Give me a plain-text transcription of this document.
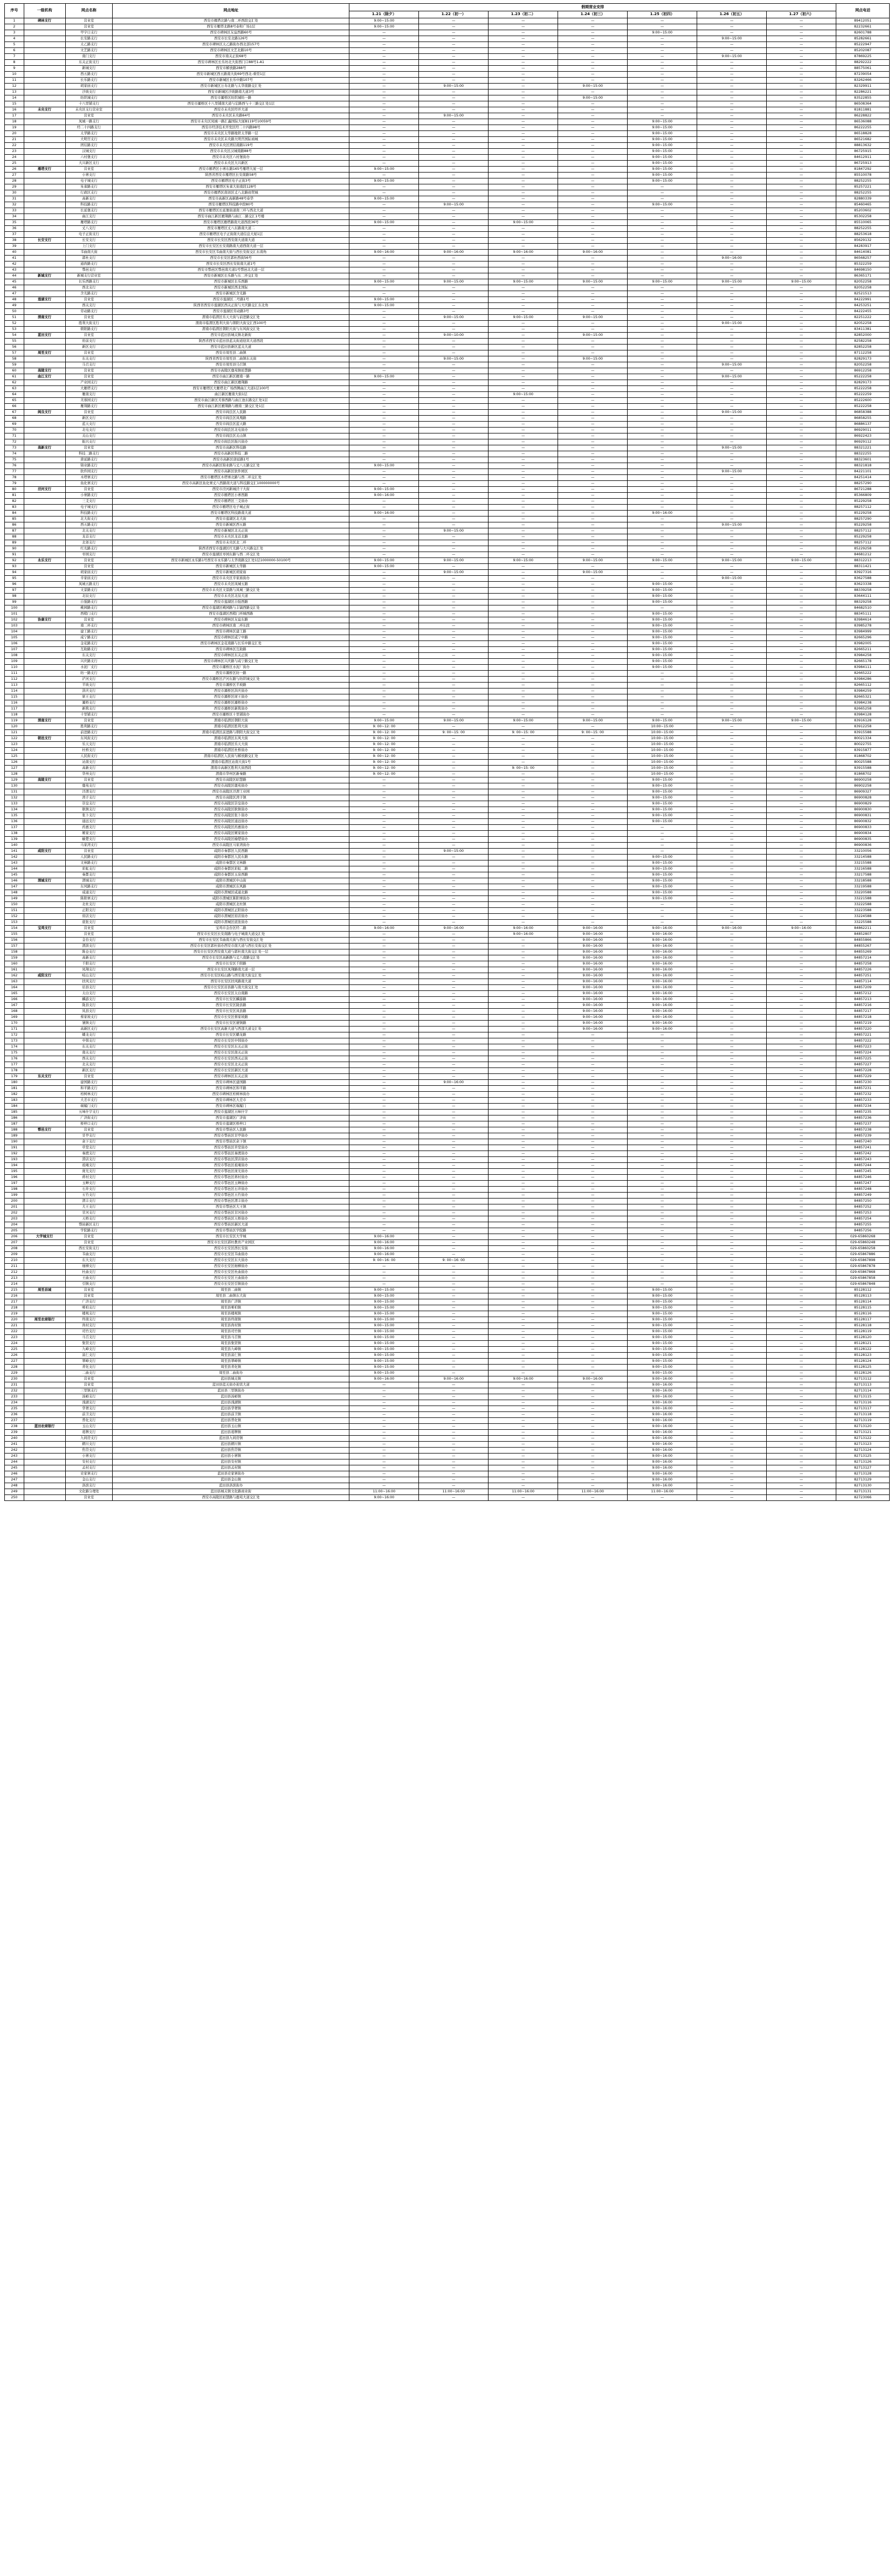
序号	一级机构	网点名称	网点地址	假期营业安排							网点电话
				1.21（除夕）	1.22（初一）	1.23（初二）	1.24（初三）	1.25（初四）	1.26（初五）	1.27（初六）	
1	碑林支行	营业室	西安市雁塔北路与南二环西段交汇处	9:00~15:00	—	—	—	—	—	—	89412051
2		营业室	西安市雁塔北路8号泰和广场1层	9:00~15:00	—	—	—	—	—	—	82232661
3		甲字口支行	西安市碑林区友谊西路60号	—	—	—	—	9:00~15:00	—	—	82601788
4		长安路支行	西安市长安北路126号	—	—	—	—	—	9:00~15:00	—	85282661
5		太乙路支行	西安市碑林区太乙路街办西北部157号	—	—	—	—	—	—	—	85222947
6		文艺路支行	西安市碑林区文艺北路10号	—	—	—	—	—	—	—	85202087
7		南门支行	西安市南关正街68号	—	—	—	—	—	9:00~15:00	—	87869225
8		东关正街支行	西安市碑林区长乐坊北大街西门口88号1-A1	—	—	—	—	—	—	—	88292222
9		新城支行	西安市解放路288号	—	—	—	—	—	—	—	88575061
10		西五路支行	西安市新城区西五路南大街69号西北-重型1层	—	—	—	—	—	—	—	87239054
11		长乐路支行	西安市新城区长乐中路107号	—	—	—	—	—	—	—	83262466
12		胡家庙支行	西安市新城区万寿北路与太华南路交汇处	—	9:00~15:00	—	9:00~15:00	—	—	—	82329911
13		沙坡支行	西安市新城区沙坡路南大道3号	—	—	—	—	—	—	—	82286221
14		纺织城支行	西安市灞桥区纺织城纺一路	—	—	—	9:00~15:00	—	—	—	83522855
15		十八里铺支行	西安市灞桥区十八里铺南大道与宏路西与十三路交汇处1层	—	—	—	—	—	—	—	86508364
16	未央支行	未央区支行营业室	西安市未央区经开大道	—	—	—	—	—	—	—	81811881
17		营业室	西安市未央区未央路64号	—	9:00~15:00	—	—	—	—	—	86228822
18		凤城一路支行	西安市未央区凤城一路汇鑫国际大厦B119号10059号	—	—	—	—	9:00~15:00	—	—	86536088
19		经二十四路支行	西安市经济技术开发区经二十四路98号	—	—	—	—	9:00~15:00	—	—	86222255
20		太华路支行	西安市未央区太华路地铁太华路一层	—	—	—	—	9:00~15:00	—	—	86518828
21		大明宫支行	西安市未央区未央路大明宫国际商城	—	—	—	—	9:00~15:00	—	—	86521682
22		团结路支行	西安市未央区团结南路119号	—	—	—	—	9:00~15:00	—	—	88813632
23		汉城支行	西安市未央区汉城南路88号	—	—	—	—	9:00~15:00	—	—	86725915
24		六村堡支行	西安市未央区六村堡街办	—	—	—	—	9:00~15:00	—	—	84612911
25		大兴新区支行	西安市未央区大兴新区	—	—	—	—	9:00~15:00	—	—	86725913
26	雁塔支行	营业室	西安市雁塔区小寨东路165号雁塔大厦一层	9:00~15:00	—	—	—	9:00~15:00	—	—	81847292
27		小寨支行	陕西省西安市雁塔区长安南路58号	—	—	—	—	9:00~15:00	—	—	85510078
28		电子城支行	西安市雁塔区电子正街3号	9:00~15:00	—	—	—	9:00~15:00	—	—	88252255
29		朱雀路支行	西安市雁塔区朱雀大街南段128号	—	—	—	—	—	—	—	85257221
30		行政区支行	西安市雁塔区南郊区丈八北路商贸城	—	—	—	—	—	—	—	88252255
31		高新支行	西安市高新区高新路48号泰华	9:00~15:00	—	—	—	—	—	—	82880339
32		科技路支行	西安市雁塔区科技路中段80号	—	9:00~15:00	—	—	9:00~15:00	—	—	85460465
33		长延堡支行	西安市雁塔区长延堡街道南三环与西北大道	—	—	—	—	—	—	—	85203602
34		曲江支行	西安市曲江新区雁翔路与曲江二路交汇1号楼	—	—	—	—	—	—	—	85302258
35		雁塔路支行	西安市雁塔区雁塔路南大道西段36号	9:00~15:00	—	9:00~15:00	—	—	—	—	85510065
36		丈八支行	西安市雁塔区丈八东路南大道二	—	—	—	—	—	—	—	88252255
37		电子正街支行	西安市雁塔区电子正街南大道信息大厦1层	—	—	—	—	—	—	—	88253618
38	长安支行	长安支行	西安市长安区西安南大道南大道	—	—	—	—	—	—	—	85629132
39		上门支行	西安市长安区长安南路南大道西南大道一层	—	—	—	—	—	—	—	84283917
40		韦曲南大街	西安市长安区韦曲南大街与西长安街交汇东南角	9:00~16:00	9:00~16:00	9:00~16:00	9:00~16:00	—	—	—	84614081
41		郭杜支行	西安市长安区郭杜西街56号	—	—	—	—	—	9:00~16:00	—	86568257
42		通尚路支行	西安市长安区西长安街南大道1号	—	—	—	—	—	—	—	85322259
43		鄠邑支行	西安市鄠邑区鄠邑南大道1号鄠邑北大道一层	—	—	—	—	—	—	—	84698150
44	新城支行	新城支行营业室	西安市新城区长乐路与东二环交汇处	—	—	—	—	—	—	—	86365171
45		长乐西路支行	西安市新城区长乐西路	9:00~15:00	9:00~15:00	9:00~15:00	9:00~15:00	9:00~15:00	9:00~15:00	9:00~15:00	82052258
46		西北支行	西安市新城区西北国际	—	—	—	—	—	—	—	82052258
47		含光路支行	西安市新城区含光路	—	—	—	—	—	—	—	82521513
48	莲湖支行	营业室	西安市莲湖区二号路1号	9:00~15:00	—	—	—	—	—	—	84222991
49		西关支行	陕西省西安市莲湖区西关正街与大庆路交汇东北角	9:00~15:00	—	—	—	—	—	—	84253251
50		劳动路支行	西安市莲湖区劳动路3号	—	—	—	—	—	—	—	84222455
51	渭南支行	营业室	渭南市临渭区乐天大街与前进路交汇处	—	9:00~15:00	9:00~15:00	9:00~15:00	—	—	—	82251222
52		胜利大街支行	渭南市临渭区胜利大街与朝阳大街交汇西100号	—	—	—	—	—	9:00~15:00	—	82052258
53		朝阳路支行	渭南市临渭区朝阳大街与东风街交汇处	—	—	—	—	—	—	—	83411381
54	蓝田支行	营业室	西安市蓝田县城关镇北新街	—	9:00~10:00	—	9:00~15:00	—	—	—	82852000
55		府前支行	陕西省西安市蓝田县蓝关街道迎宾大道西段	—	—	—	—	—	—	—	82582258
56		新区支行	西安市蓝田县新区蓝关大道	—	—	—	—	—	—	—	82852258
57	周至支行	营业室	西安市周至县二曲镇	—	—	—	—	—	—	—	87112258
58		东关支行	陕西省西安市周至县二曲镇东关街	—	9:00~15:00	—	9:00~15:00	—	—	—	82829173
59		马召支行	西安市周至县马召镇	—	—	—	—	—	9:00~15:00	—	82052258
60	高陵支行	营业室	西安市高陵区鹿苑镇昭慧路	—	—	—	—	—	—	—	86912258
61	曲江支行	营业室	西安市曲江新区雁南一路	9:00~15:00	—	—	—	—	9:00~15:00	—	85222258
62		产业园支行	西安市曲江新区雁翔路	—	—	—	—	—	—	—	82829173
63		大雁塔支行	西安市雁塔区大雁塔北广场西侧曲江大道1层100号	—	—	—	—	—	—	—	85222258
64		雁南支行	曲江新区雁南大街1层	—	—	9:00~15:00	—	—	—	—	85222259
65		芙蓉园支行	西安市曲江新区芙蓉西路与曲江池东路交汇处1层	—	—	—	—	—	—	—	85222600
66		雁翔路支行	西安市曲江新区雁翔路与雁南三路交汇处1层	—	—	—	—	—	—	—	85222258
67	阎良支行	营业室	西安市阎良区人民路	—	—	—	—	—	9:00~15:00	—	86858388
68		新区支行	西安市阎良区凤凰路	—	—	—	—	—	—	—	86858255
69		蓝天支行	西安市阎良区蓝天路	—	—	—	—	—	—	—	86886137
70		北屯支行	西安市阎良区北屯街办	—	—	—	—	—	—	—	86929011
71		关山支行	西安市阎良区关山镇	—	—	—	—	—	—	—	86922423
72		振兴支行	西安市阎良区振兴街办	—	—	—	—	—	—	—	86929112
73	高新支行	营业室	西安市高新区科技路	—	—	—	—	—	9:00~15:00	—	88321221
74		科技二路支行	西安市高新区科技二路	—	—	—	—	—	—	—	88322255
75		唐延路支行	西安市高新区唐延路1号	—	—	—	—	—	—	—	88323601
76		锦业路支行	西安市高新区锦业路与丈八五路交汇处	9:00~15:00	—	—	—	—	—	—	88321818
77		软件园支行	西安市高新区软件园区	—	—	—	—	—	9:00~15:00	—	84221101
78		木塔寨支行	西安市雁塔区木塔寨北路与西二环交汇处	—	—	—	—	—	—	—	84251414
79		鱼化寨支行	西安市高新区鱼化寨丈八西路南大道与科技路交汇100000000号	—	—	—	—	—	—	—	88257290
80	泾河支行	营业室	西安市泾河新城泾干大街	9:00~15:00	—	—	—	—	—	—	86721288
81		小寨路支行	西安市雁塔区小寨西路	9:00~16:00	—	—	—	—	—	—	85366809
82		三爻支行	西安市雁塔区三爻街办	—	—	—	—	—	—	—	85229258
83		电子城支行	西安市雁塔区电子城正街	—	—	—	—	—	—	—	88257112
84		科技路支行	西安市雁塔区科技路南大道	9:00~16:00	—	—	—	9:00~16:00	—	—	85229258
85		北大街支行	西安市莲湖区北大街	—	—	—	—	—	—	—	88257290
86		西五路支行	西安市新城区西五路	—	—	—	—	—	9:00~15:00	—	85229258
87		北关支行	西安市新城区北关正街	—	9:00~15:00	—	—	—	—	—	88257112
88		龙首支行	西安市未央区龙首北路	—	—	—	—	—	—	—	85229258
89		北郊支行	西安市未央区北二环	—	—	—	—	—	—	—	88257112
90		红光路支行	陕西省西安市莲湖区红光路与大兴路交汇处	—	—	—	—	—	—	—	85229258
91		枣园支行	西安市莲湖区枣园东路与西二环交汇处	—	—	—	—	—	—	—	84681212
92	永乐支行	营业室	西安市新城区永乐路1号西安市永乐路与太华南路交汇处1层1000000-50100号	9:00~15:00	9:00~15:00	9:00~15:00	9:00~15:00	9:00~15:00	9:00~15:00	9:00~15:00	88312213
93		营业室	西安市新城区太华路	9:00~15:00	—	—	—	—	—	—	88311421
94		胡家庙支行	西安市新城区胡家庙	—	9:00~15:00	—	9:00~15:00	—	—	—	83927316
95		辛家庙支行	西安市未央区辛家庙街办	—	—	—	—	—	9:00~15:00	—	83627588
96		凤城五路支行	西安市未央区凤城五路	—	—	—	—	9:00~15:00	—	—	83623338
97		文景路支行	西安市未央区文景路与凤城三路交汇处	—	—	—	—	9:00~15:00	—	—	88339258
98		北辰支行	西安市未央区北辰大道	—	—	—	—	9:00~15:00	—	—	83644111
99		自强路支行	西安市莲湖区自强西路	—	—	—	—	9:00~15:00	—	—	88329258
100		桃园路支行	西安市莲湖区桃园路与丰镐西路交汇处	—	—	—	—	—	—	—	84682510
101		西稍门支行	西安市莲湖区西稍门环城西路	—	—	—	—	9:00~15:00	—	—	88345111
102	协康支行	营业室	西安市碑林区友谊东路	—	—	—	—	9:00~15:00	—	—	83984614
103		南二环支行	西安市碑林区南二环东段	—	—	—	—	9:00~15:00	—	—	83985278
104		建工路支行	西安市碑林区建工路	—	—	—	—	9:00~15:00	—	—	83984999
105		咸宁路支行	西安市碑林区咸宁中路	—	—	—	—	9:00~15:00	—	—	82665296
106		金花路支行	西安市碑林区金花南路与长乐中路交汇处	—	—	—	—	9:00~15:00	—	—	83982005
107		互助路支行	西安市碑林区互助路	—	—	—	—	9:00~15:00	—	—	82665211
108		东关支行	西安市碑林区东关正街	—	—	—	—	9:00~15:00	—	—	83984258
109		兴庆路支行	西安市碑林区兴庆路与咸宁路交汇处	—	—	—	—	9:00~15:00	—	—	82665178
110		水泥厂支行	西安市灞桥区水泥厂街办	—	—	—	—	9:00~15:00	—	—	83984111
111		纺一路支行	西安市灞桥区纺一路	—	—	—	—	—	—	—	82665222
112		浐河支行	西安市灞桥区浐河东路与纺织城交汇处	—	—	—	—	—	—	—	83984286
113		半坡支行	西安市灞桥区半坡路	—	—	—	—	—	—	—	82665112
114		洪庆支行	西安市灞桥区洪庆街办	—	—	—	—	—	—	—	83984259
115		席王支行	西安市灞桥区席王街办	—	—	—	—	—	—	—	82665321
116		灞桥支行	西安市灞桥区灞桥街办	—	—	—	—	—	—	—	83984238
117		新筑支行	西安市灞桥区新筑街办	—	—	—	—	—	—	—	82665258
118		十里铺支行	西安市灞桥区十里铺街办	—	—	—	—	—	—	—	83984128
119	渭南支行	营业室	渭南市临渭区朝阳大街	9:00~15:00	9:00~15:00	9:00~15:00	9:00~15:00	9:00~15:00	9:00~15:00	9:00~15:00	83916128
120		胜利路支行	渭南市临渭区胜利大街	9: 00~12: 00	—	—	—	10:00~15:00	—	—	83912258
121		前进路支行	渭南市临渭区前进路与朝阳大街交汇处	9: 00~12: 00	9: 00~15: 00	9: 00~15: 00	9: 00~15: 00	10:00~15:00	—	—	83915588
122	朝邑支行	东风街支行	渭南市临渭区东风大街	9: 00~12: 00	—	—	—	10:00~15:00	—	—	80021334
123		乐天支行	渭南市临渭区乐天大街	9: 00~12: 00	—	—	—	10:00~15:00	—	—	80022755
124		杜桥支行	渭南市临渭区杜桥街办	9: 00~12: 00	—	—	—	10:00~15:00	—	—	83915877
125		人民街支行	渭南市临渭区人民街与解放路交汇处	9: 00~12: 00	—	—	—	10:00~15:00	—	—	81868702
126		站南支行	渭南市临渭区站南大街1号	9: 00~12: 00	—	—	—	10:00~15:00	—	—	80025588
127		高新支行	渭南市高新区胜利大街西段	9: 00~12: 00	—	9: 00~15: 00	—	10:00~15:00	—	—	83915588
128		华州支行	渭南市华州区新秦路	9: 00~12: 00	—	—	—	10:00~15:00	—	—	81868702
129	高陵支行	营业室	西安市高陵区昭慧路	—	—	—	—	9:00~15:00	—	—	86900258
130		鹿苑支行	西安市高陵区鹿苑街办	—	—	—	—	9:00~15:00	—	—	86902258
131		泾渭支行	西安市高陵区泾渭工业园	—	—	—	—	9:00~15:00	—	—	86909327
132		湾子支行	西安市高陵区湾子镇	—	—	—	—	9:00~15:00	—	—	86900828
133		崇皇支行	西安市高陵区崇皇街办	—	—	—	—	9:00~15:00	—	—	86900829
134		耿镇支行	西安市高陵区耿镇街办	—	—	—	—	9:00~15:00	—	—	86900830
135		张卜支行	西安市高陵区张卜街办	—	—	—	—	9:00~15:00	—	—	86900831
136		通远支行	西安市高陵区通远街办	—	—	—	—	9:00~15:00	—	—	86900832
137		药惠支行	西安市高陵区药惠街办	—	—	—	—	—	—	—	86900833
138		姬家支行	西安市高陵区姬家街办	—	—	—	—	—	—	—	86900834
139		榆楚支行	西安市高陵区榆楚街办	—	—	—	—	—	—	—	86900835
140		马家湾支行	西安市高陵区马家湾街办	—	—	—	—	—	—	—	86900836
141	咸阳支行	营业室	咸阳市秦都区人民西路	—	9:00~15:00	—	—	—	—	—	33210056
142		人民路支行	咸阳市秦都区人民东路	—	—	—	—	9:00~15:00	—	—	33214588
143		文林路支行	咸阳市秦都区文林路	—	—	—	—	9:00~15:00	—	—	33215588
144		彩虹支行	咸阳市秦都区彩虹二路	—	—	—	—	9:00~15:00	—	—	33216588
145		秦都支行	咸阳市秦都区玉泉西路	—	—	—	—	9:00~15:00	—	—	33217588
146	渭城支行	渭城支行	咸阳市渭城区中山街	—	—	—	—	9:00~15:00	—	—	33218588
147		东风路支行	咸阳市渭城区东风路	—	—	—	—	9:00~15:00	—	—	33219588
148		咸通支行	咸阳市渭城区咸通北路	—	—	—	—	9:00~15:00	—	—	33220588
149		陈阳寨支行	咸阳市渭城区陈阳寨街办	—	—	—	—	9:00~15:00	—	—	33221588
150		北杜支行	咸阳市渭城区北杜镇	—	—	—	—	—	—	—	33222588
151		正阳支行	咸阳市渭城区正阳街办	—	—	—	—	—	—	—	33223588
152		窑店支行	咸阳市渭城区窑店街办	—	—	—	—	—	—	—	33224588
153		底张支行	咸阳市渭城区底张街办	—	—	—	—	—	—	—	33225588
154	宝鸡支行	营业室	宝鸡市金台区经二路	9:00~16:00	9:00~16:00	9:00~16:00	9:00~16:00	9:00~16:00	9:00~16:00	9:00~16:00	84862211
155		营业室	西安市长安区长安南路与电子城南大道交汇处	—	—	9:00~16:00	9:00~16:00	9:00~16:00	—	—	84852807
156		金台支行	西安市长安区韦曲南大街与西长安街交汇处	—	—	—	9:00~16:00	9:00~16:00	—	—	84855866
157		渭滨支行	西安市长安区郭杜街办西安市南大道与西长安街交汇处	—	—	—	9:00~16:00	9:00~16:00	—	—	84855267
158		陈仓支行	西安市长安区西安南大道与郭杜南大街交汇处一层	—	—	—	9:00~16:00	9:00~16:00	—	—	84855269
159		高新支行	西安市长安区高新路与丈八南路交汇处	—	—	—	9:00~16:00	9:00~16:00	—	—	84857214
160		千阳支行	西安市长安区千阳路	—	—	—	9:00~16:00	9:00~16:00	—	—	84857258
161		凤翔支行	西安市长安区凤翔路南大道一层	—	—	—	9:00~16:00	9:00~16:00	—	—	84857226
162	咸阳支行	岐山支行	西安市长安区岐山路与西安南大街交汇处	—	—	—	9:00~16:00	9:00~16:00	—	—	84857251
163		扶风支行	西安市长安区扶风路南大道	—	—	—	9:00~16:00	9:00~16:00	—	—	84857114
164		眉县支行	西安市长安区眉县路与南大街交汇处	—	—	—	9:00~16:00	9:00~16:00	—	—	84857209
165		太白支行	西安市长安区太白南路	—	—	—	9:00~16:00	9:00~16:00	—	—	84857212
166		麟游支行	西安市长安区麟游路	—	—	—	9:00~16:00	9:00~16:00	—	—	84857213
167		陇县支行	西安市长安区陇县路	—	—	—	9:00~16:00	9:00~16:00	—	—	84857216
168		凤县支行	西安市长安区凤县路	—	—	—	9:00~16:00	9:00~16:00	—	—	84857217
169		蔡家坡支行	西安市长安区蔡家坡路	—	—	—	9:00~16:00	9:00~16:00	—	—	84857218
170		虢镇支行	西安市长安区虢镇路	—	—	—	9:00~16:00	9:00~16:00	—	—	84857219
171		高新区支行	西安市长安区高新大道与西部大道交汇处	—	—	—	9:00~16:00	9:00~16:00	—	—	84857220
172		蟠龙支行	西安市长安区蟠龙路	—	—	—	—	—	—	—	84857221
173		中韩支行	西安市长安区中韩街办	—	—	—	—	—	—	—	84857222
174		东关支行	西安市长安区东关正街	—	—	—	—	—	—	—	84857223
175		南关支行	西安市长安区南关正街	—	—	—	—	—	—	—	84857224
176		西关支行	西安市长安区西关正街	—	—	—	—	—	—	—	84857225
177		北关支行	西安市长安区北关正街	—	—	—	—	—	—	—	84857227
178		新区支行	西安市长安区新区大道	—	—	—	—	—	—	—	84857228
179	东关支行	营业室	西安市碑林区东关正街	—	—	—	—	—	—	—	84857229
180		建国路支行	西安市碑林区建国路	—	9:00~16:00	—	—	—	—	—	84857230
181		和平路支行	西安市碑林区和平路	—	—	—	—	—	—	—	84857231
182		柏树林支行	西安市碑林区柏树林街办	—	—	—	—	—	—	—	84857232
183		大差市支行	西安市碑林区大差市	—	—	—	—	—	—	—	84857233
184		端履门支行	西安市碑林区端履门	—	—	—	—	—	—	—	84857234
185		五味什字支行	西安市莲湖区五味什字	—	—	—	—	—	—	—	84857235
186		广济街支行	西安市莲湖区广济街	—	—	—	—	—	—	—	84857236
187		桥梓口支行	西安市莲湖区桥梓口	—	—	—	—	—	—	—	84857237
188	鄠邑支行	营业室	西安市鄠邑区人民路	—	—	—	—	—	—	—	84857238
189		甘亭支行	西安市鄠邑区甘亭街办	—	—	—	—	—	—	—	84857239
190		余下支行	西安市鄠邑区余下镇	—	—	—	—	—	—	—	84857240
191		草堂支行	西安市鄠邑区草堂街办	—	—	—	—	—	—	—	84857241
192		秦渡支行	西安市鄠邑区秦渡街办	—	—	—	—	—	—	—	84857242
193		涝店支行	西安市鄠邑区涝店街办	—	—	—	—	—	—	—	84857243
194		祖庵支行	西安市鄠邑区祖庵街办	—	—	—	—	—	—	—	84857244
195		庞光支行	西安市鄠邑区庞光街办	—	—	—	—	—	—	—	84857245
196		蒋村支行	西安市鄠邑区蒋村街办	—	—	—	—	—	—	—	84857246
197		玉蝉支行	西安市鄠邑区玉蝉街办	—	—	—	—	—	—	—	84857247
198		石井支行	西安市鄠邑区石井街办	—	—	—	—	—	—	—	84857248
199		五竹支行	西安市鄠邑区五竹街办	—	—	—	—	—	—	—	84857249
200		渭丰支行	西安市鄠邑区渭丰街办	—	—	—	—	—	—	—	84857250
201		大王支行	西安市鄠邑区大王镇	—	—	—	—	—	—	—	84857252
202		甘河支行	西安市鄠邑区甘河街办	—	—	—	—	—	—	—	84857253
203		天桥支行	西安市鄠邑区天桥街办	—	—	—	—	—	—	—	84857254
204		鄠邑新区支行	西安市鄠邑区新区大道	—	—	—	—	—	—	—	84857255
205		学院路支行	西安市鄠邑区学院路	—	—	—	—	—	—	—	84857256
206	大学城支行	营业室	西安市长安区大学城	9:00~16:00	—	—	—	—	—	—	029-65860268
207		营业室	西安市长安区郭杜教育产业园区	9:00~16:00	—	—	—	—	—	—	029-65860248
208		西长安街支行	西安市长安区西长安街	9:00~16:00	—	—	—	—	—	—	029-65860258
209		韦曲支行	西安市长安区韦曲街办	9:00~16:00	—	—	—	—	—	—	029-65867886
210		东大支行	西安市长安区东大街办	9: 00~16: 00	9: 00~16: 00	—	—	—	—	—	029-65867898
211		细柳支行	西安市长安区细柳街办	—	—	—	—	—	—	—	029-65867878
212		杜曲支行	西安市长安区杜曲街办	—	—	—	—	—	—	—	029-65867868
213		王曲支行	西安市长安区王曲街办	—	—	—	—	—	—	—	029-65867858
214		引镇支行	西安市长安区引镇街办	—	—	—	—	—	—	—	029-65867848
215	周至县城	营业室	周至县二曲镇	9:00~15:00	—	—	—	9:00~15:00	—	—	85128112
216		营业室	周至县二曲镇东大街	9:00~15:00	—	—	—	9:00~15:00	—	—	85128113
217		广济支行	周至县广济镇	9:00~15:00	—	—	—	9:00~15:00	—	—	85128114
218		哑柏支行	周至县哑柏镇	9:00~15:00	—	—	—	9:00~15:00	—	—	85128115
219		楼观支行	周至县楼观镇	9:00~15:00	—	—	—	9:00~15:00	—	—	85128116
220	周至农商银行	终南支行	周至县终南镇	9:00~15:00	—	—	—	9:00~15:00	—	—	85128117
221		尚村支行	周至县尚村镇	9:00~15:00	—	—	—	9:00~15:00	—	—	85128118
222		司竹支行	周至县司竹镇	9:00~15:00	—	—	—	9:00~15:00	—	—	85128119
223		马召支行	周至县马召镇	9:00~15:00	—	—	—	9:00~15:00	—	—	85128120
224		集贤支行	周至县集贤镇	9:00~15:00	—	—	—	9:00~15:00	—	—	85128121
225		九峰支行	周至县九峰镇	9:00~15:00	—	—	—	9:00~15:00	—	—	85128122
226		富仁支行	周至县富仁镇	9:00~15:00	—	—	—	9:00~15:00	—	—	85128123
227		翠峰支行	周至县翠峰镇	9:00~15:00	—	—	—	9:00~15:00	—	—	85128124
228		青化支行	周至县青化镇	9:00~15:00	—	—	—	9:00~15:00	—	—	85128125
229		二曲支行	周至县二曲街办	9:00~15:00	—	—	—	9:00~15:00	—	—	85128126
230		营业室	蓝田县城关镇	9:00~16:00	9:00~16:00	9:00~16:00	9:00~16:00	9:00~16:00	—	—	82713112
231		营业室	蓝田县蓝关街办迎宾大道	—	—	—	—	9:00~16:00	—	—	82713113
232		三里镇支行	蓝田县三里镇街办	—	—	—	—	9:00~16:00	—	—	82713114
233		汤峪支行	蓝田县汤峪镇	—	—	—	—	9:00~16:00	—	—	82713115
234		洩湖支行	蓝田县洩湖镇	—	—	—	—	9:00~16:00	—	—	82713116
235		华胥支行	蓝田县华胥镇	—	—	—	—	9:00~16:00	—	—	82713117
236		前卫支行	蓝田县前卫镇	—	—	—	—	9:00~16:00	—	—	82713118
237		普化支行	蓝田县普化镇	—	—	—	—	9:00~16:00	—	—	82713119
238	蓝田农商银行	玉山支行	蓝田县玉山镇	—	—	—	—	9:00~16:00	—	—	82713120
239		葛牌支行	蓝田县葛牌镇	—	—	—	—	9:00~16:00	—	—	82713121
240		九间房支行	蓝田县九间房镇	—	—	—	—	9:00~16:00	—	—	82713122
241		辋川支行	蓝田县辋川镇	—	—	—	—	9:00~16:00	—	—	82713123
242		焦岱支行	蓝田县焦岱镇	—	—	—	—	9:00~16:00	—	—	82713124
243		小寨支行	蓝田县小寨镇	—	—	—	—	9:00~16:00	—	—	82713125
244		安村支行	蓝田县安村镇	—	—	—	—	9:00~16:00	—	—	82713126
245		孟村支行	蓝田县孟村镇	—	—	—	—	9:00~16:00	—	—	82713127
246		史家寨支行	蓝田县史家寨街办	—	—	—	—	9:00~16:00	—	—	82713128
247		金山支行	蓝田县金山镇	—	—	—	—	9:00~16:00	—	—	82713129
248		洛滨支行	蓝田县洛滨街办	—	—	—	—	9:00~16:00	—	—	82713130
249		文化路分理处	蓝田县城关镇文化路商业街	11:00~16:00	11:00~16:00	11:00~16:00	11:00~16:00	11:00~16:00	—	—	82713131
250		营业室	西安市高陵区昭慧路与鹿苑大道交汇处	9:00~16:00	—	—	—	—	—	—	82723066
